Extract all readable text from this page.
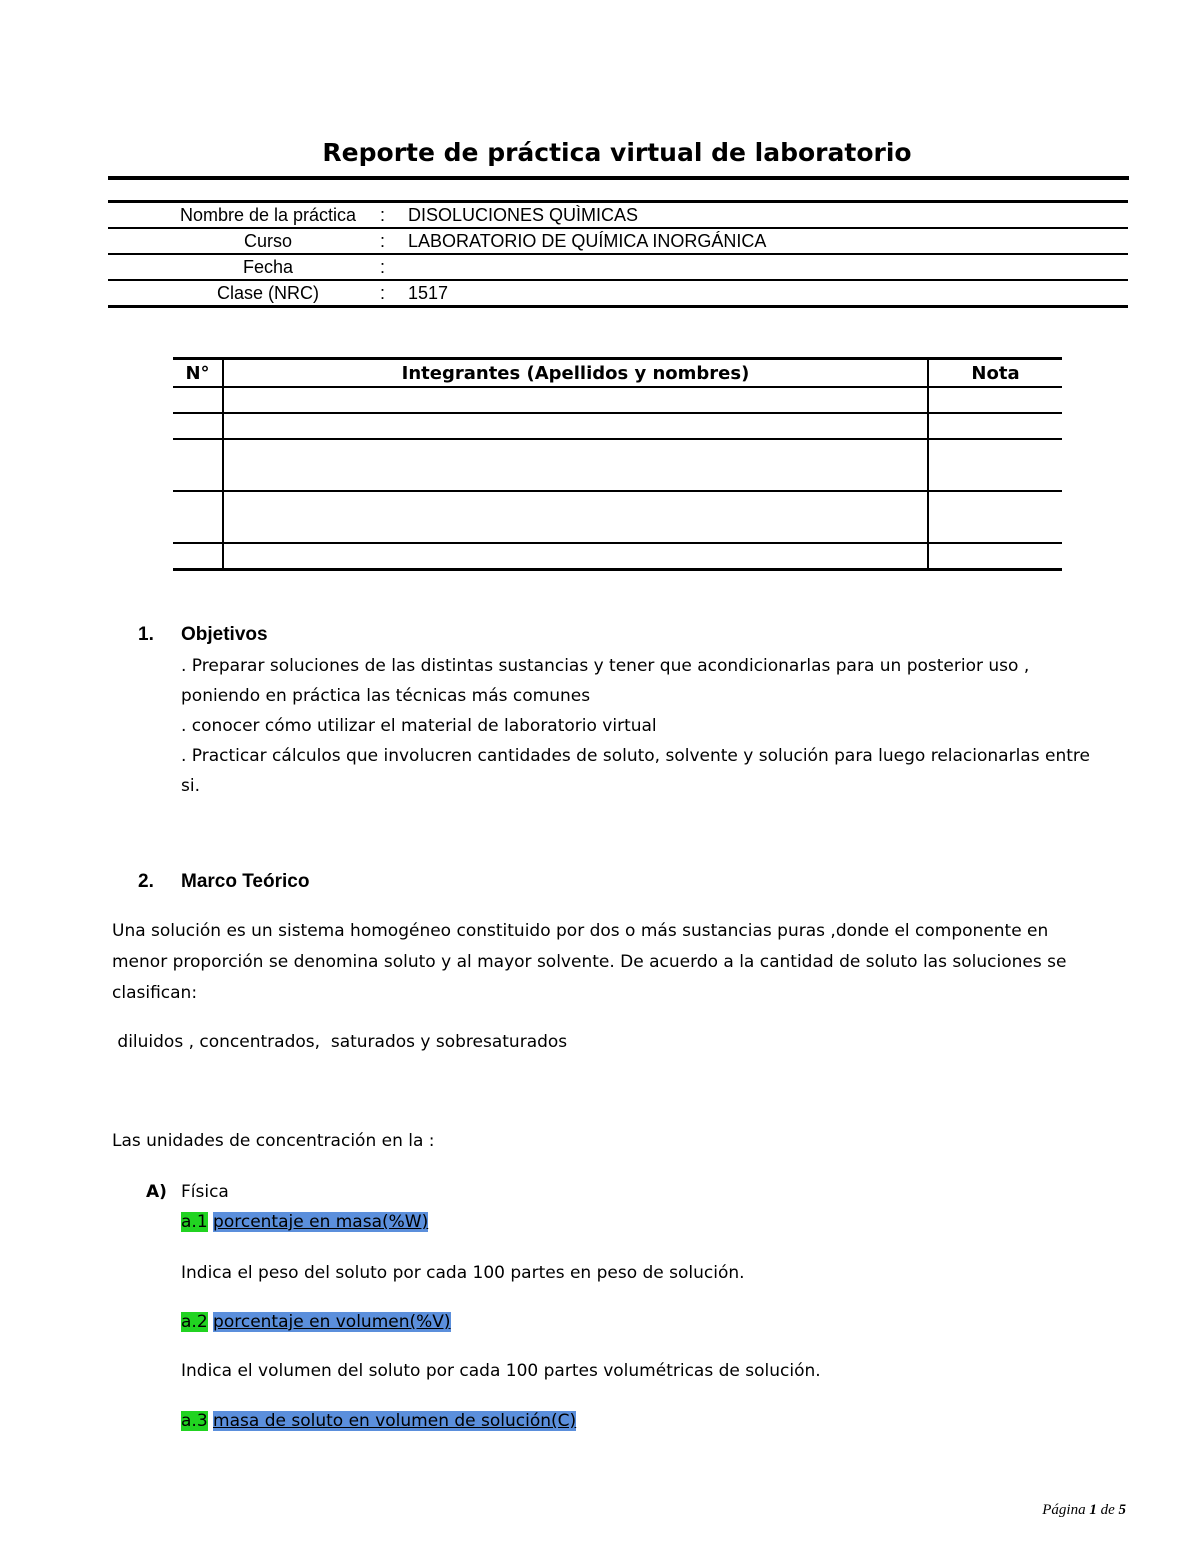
Reporte de práctica virtual de laboratorio
Nombre de la práctica	: DISOLUCIONES QUÌMICAS
Curso	: LABORATORIO DE QUÍMICA INORGÁNICA
Fecha	:
Clase (NRC)	: 1517
N°	Integrantes (Apellidos y nombres)	Nota

1. Objetivos
. Preparar soluciones de las distintas sustancias y tener que acondicionarlas para un posterior uso ,
poniendo en práctica las técnicas más comunes
. conocer cómo utilizar el material de laboratorio virtual
. Practicar cálculos que involucren cantidades de soluto, solvente y solución para luego relacionarlas entre
si.
2. Marco Teórico
Una solución es un sistema homogéneo constituido por dos o más sustancias puras ,donde el componente en
menor proporción se denomina soluto y al mayor solvente. De acuerdo a la cantidad de soluto las soluciones se
clasifican:
diluidos , concentrados,  saturados y sobresaturados
Las unidades de concentración en la :
A) Física
a.1 porcentaje en masa(%W)
Indica el peso del soluto por cada 100 partes en peso de solución.
a.2 porcentaje en volumen(%V)
Indica el volumen del soluto por cada 100 partes volumétricas de solución.
a.3 masa de soluto en volumen de solución(C)
Página 1 de 5
